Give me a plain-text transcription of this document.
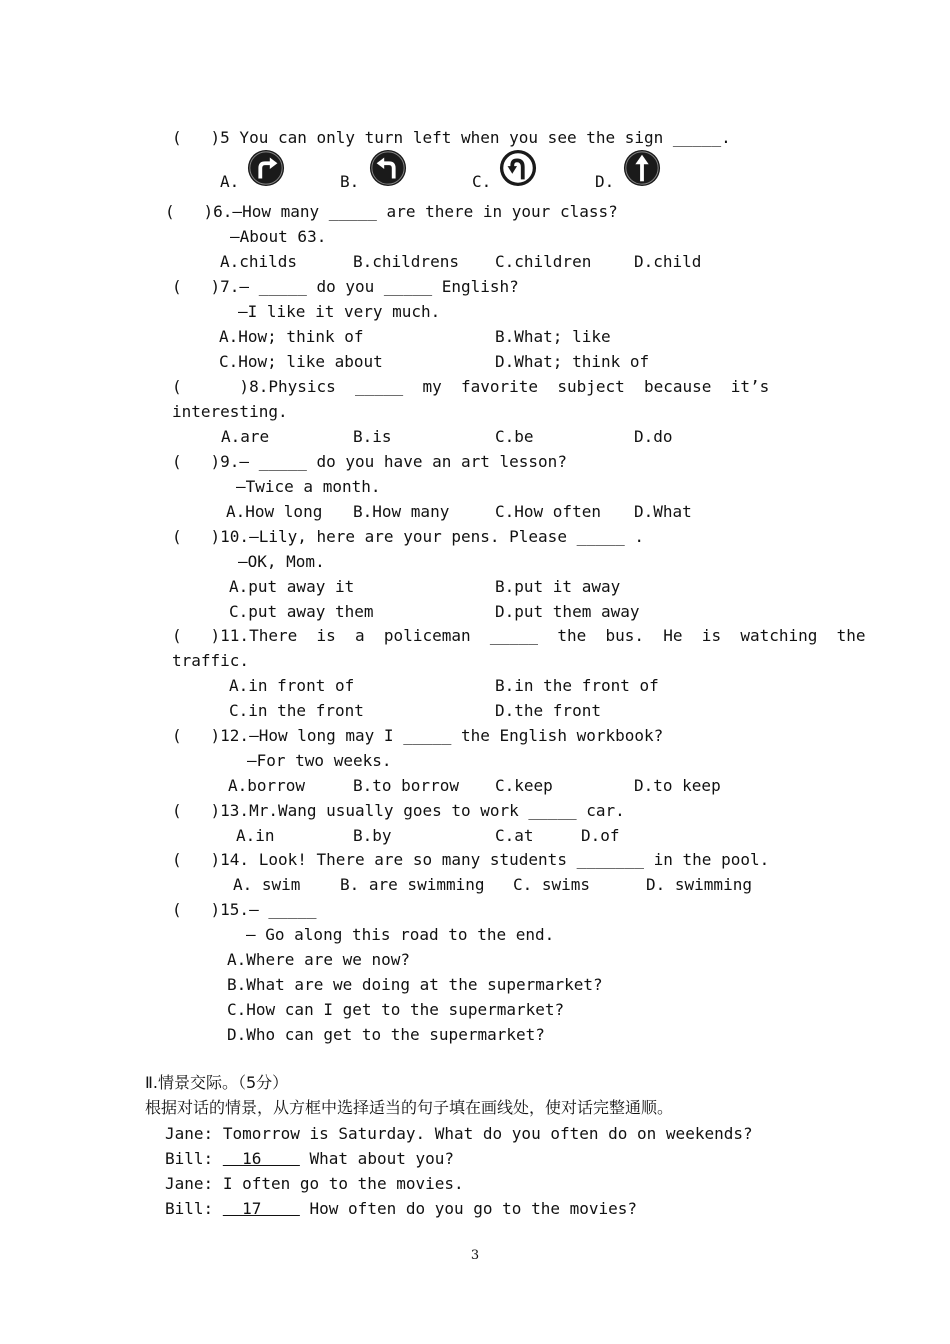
(   )5 You can only turn left when you see the sign _____.
A.	B.	C.	D.
(   )6.—How many _____ are there in your class?
—About 63.
A.childs	B.childrens C.children	D.child
(   )7.— _____ do you _____ English?
—I like it very much.
A.How; think of	B.What; like
C.How; like about	D.What; think of
(      )8.Physics  _____  my  favorite  subject  because  it’s
interesting.
A.are	B.is	C.be	D.do
(   )9.— _____ do you have an art lesson?
—Twice a month.
A.How long B.How many	C.How often D.What
(   )10.—Lily, here are your pens. Please _____ .
—OK, Mom.
A.put away it	B.put it away
C.put away them	D.put them away
(   )11.There  is  a  policeman  _____  the  bus.  He  is  watching  the
traffic.
A.in front of	B.in the front of
C.in the front	D.the front
(   )12.—How long may I _____ the English workbook?
—For two weeks.
A.borrow	B.to borrow C.keep	D.to keep
(   )13.Mr.Wang usually goes to work _____ car.
A.in	B.by	C.at	D.of
(   )14. Look! There are so many students _______ in the pool.
A. swim B. are swimming C. swims	D. swimming
(   )15.— _____
— Go along this road to the end.
A.Where are we now?
B.What are we doing at the supermarket?
C.How can I get to the supermarket?
D.Who can get to the supermarket?
Ⅱ.情景交际。（5分）
根据对话的情景，从方框中选择适当的句子填在画线处，使对话完整通顺。
Jane: Tomorrow is Saturday. What do you often do on weekends?
Bill:   16     What about you?
Jane: I often go to the movies.
Bill:   17     How often do you go to the movies?
3
